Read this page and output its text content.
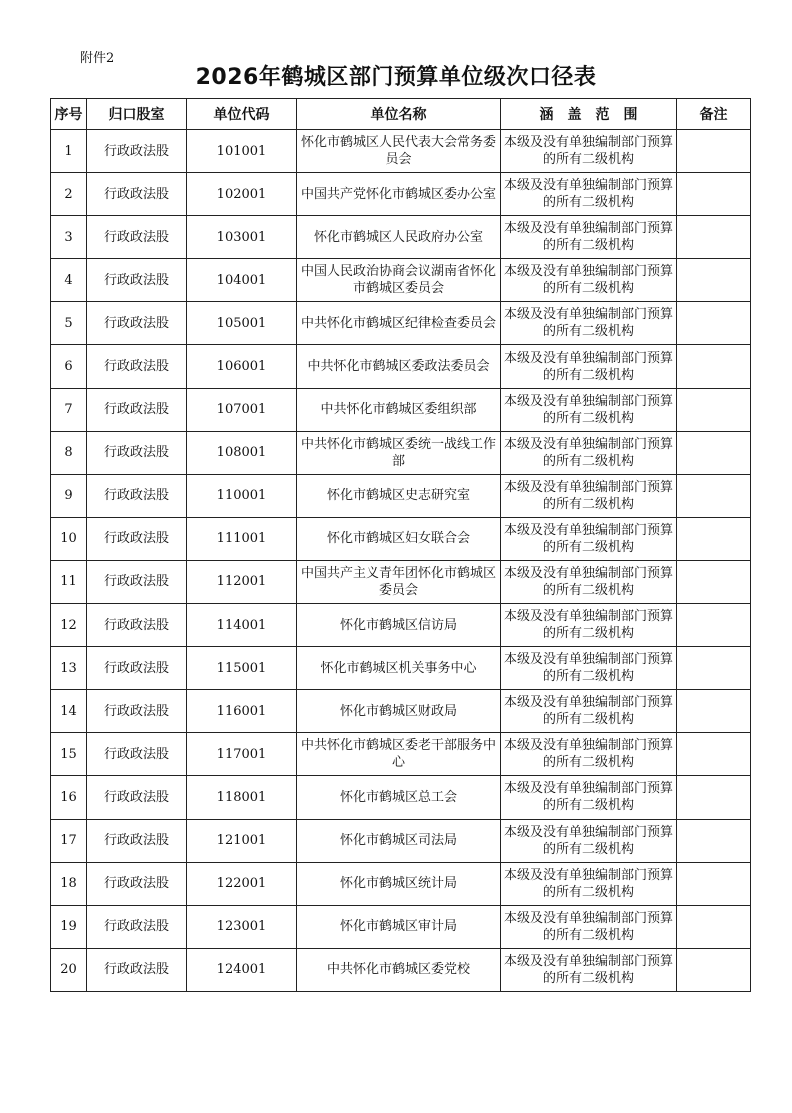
附件2
2026年鹤城区部门预算单位级次口径表
序号	归口股室	单位代码	单位名称	涵　盖　范　围	备注
1	行政政法股	101001	怀化市鹤城区人民代表大会常务委员会	本级及没有单独编制部门预算的所有二级机构	
2	行政政法股	102001	中国共产党怀化市鹤城区委办公室	本级及没有单独编制部门预算的所有二级机构	
3	行政政法股	103001	怀化市鹤城区人民政府办公室	本级及没有单独编制部门预算的所有二级机构	
4	行政政法股	104001	中国人民政治协商会议湖南省怀化市鹤城区委员会	本级及没有单独编制部门预算的所有二级机构	
5	行政政法股	105001	中共怀化市鹤城区纪律检查委员会	本级及没有单独编制部门预算的所有二级机构	
6	行政政法股	106001	中共怀化市鹤城区委政法委员会	本级及没有单独编制部门预算的所有二级机构	
7	行政政法股	107001	中共怀化市鹤城区委组织部	本级及没有单独编制部门预算的所有二级机构	
8	行政政法股	108001	中共怀化市鹤城区委统一战线工作部	本级及没有单独编制部门预算的所有二级机构	
9	行政政法股	110001	怀化市鹤城区史志研究室	本级及没有单独编制部门预算的所有二级机构	
10	行政政法股	111001	怀化市鹤城区妇女联合会	本级及没有单独编制部门预算的所有二级机构	
11	行政政法股	112001	中国共产主义青年团怀化市鹤城区委员会	本级及没有单独编制部门预算的所有二级机构	
12	行政政法股	114001	怀化市鹤城区信访局	本级及没有单独编制部门预算的所有二级机构	
13	行政政法股	115001	怀化市鹤城区机关事务中心	本级及没有单独编制部门预算的所有二级机构	
14	行政政法股	116001	怀化市鹤城区财政局	本级及没有单独编制部门预算的所有二级机构	
15	行政政法股	117001	中共怀化市鹤城区委老干部服务中心	本级及没有单独编制部门预算的所有二级机构	
16	行政政法股	118001	怀化市鹤城区总工会	本级及没有单独编制部门预算的所有二级机构	
17	行政政法股	121001	怀化市鹤城区司法局	本级及没有单独编制部门预算的所有二级机构	
18	行政政法股	122001	怀化市鹤城区统计局	本级及没有单独编制部门预算的所有二级机构	
19	行政政法股	123001	怀化市鹤城区审计局	本级及没有单独编制部门预算的所有二级机构	
20	行政政法股	124001	中共怀化市鹤城区委党校	本级及没有单独编制部门预算的所有二级机构	
